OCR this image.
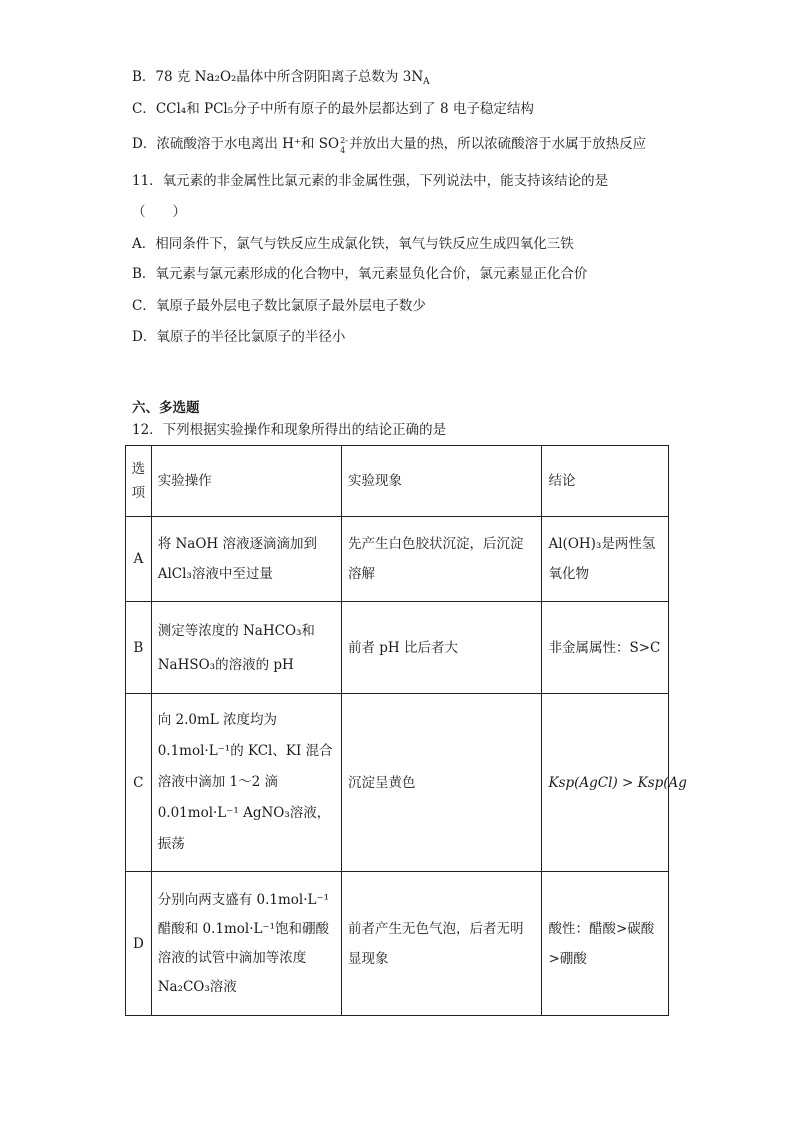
B．78 克 Na₂O₂晶体中所含阴阳离子总数为 $3N_A$
C．CCl₄和 PCl₅分子中所有原子的最外层都达到了 8 电子稳定结构
D．浓硫酸溶于水电离出 H⁺和 SO 2-
4 并放出大量的热，所以浓硫酸溶于水属于放热反应
11．氧元素的非金属性比氯元素的非金属性强，下列说法中，能支持该结论的是
（　　）
A．相同条件下，氯气与铁反应生成氯化铁，氧气与铁反应生成四氧化三铁
B．氧元素与氯元素形成的化合物中，氧元素显负化合价，氯元素显正化合价
C．氧原子最外层电子数比氯原子最外层电子数少
D．氧原子的半径比氯原子的半径小
六、多选题
12．下列根据实验操作和现象所得出的结论正确的是
选项	实验操作	实验现象	结论
A	将 NaOH 溶液逐滴滴加到 AlCl₃溶液中至过量	先产生白色胶状沉淀，后沉淀溶解	Al(OH)₃是两性氢氧化物
B	测定等浓度的 NaHCO₃和 NaHSO₃的溶液的 pH	前者 pH 比后者大	非金属属性：S>C
C	向 2.0mL 浓度均为 0.1mol·L⁻¹的 KCl、KI 混合溶液中滴加 1～2 滴 0.01mol·L⁻¹ AgNO₃溶液，振荡	沉淀呈黄色	Ksp(AgCl) > Ksp(Ag
D	分别向两支盛有 0.1mol·L⁻¹醋酸和 0.1mol·L⁻¹饱和硼酸溶液的试管中滴加等浓度 Na₂CO₃溶液	前者产生无色气泡，后者无明显现象	酸性：醋酸>碳酸>硼酸
